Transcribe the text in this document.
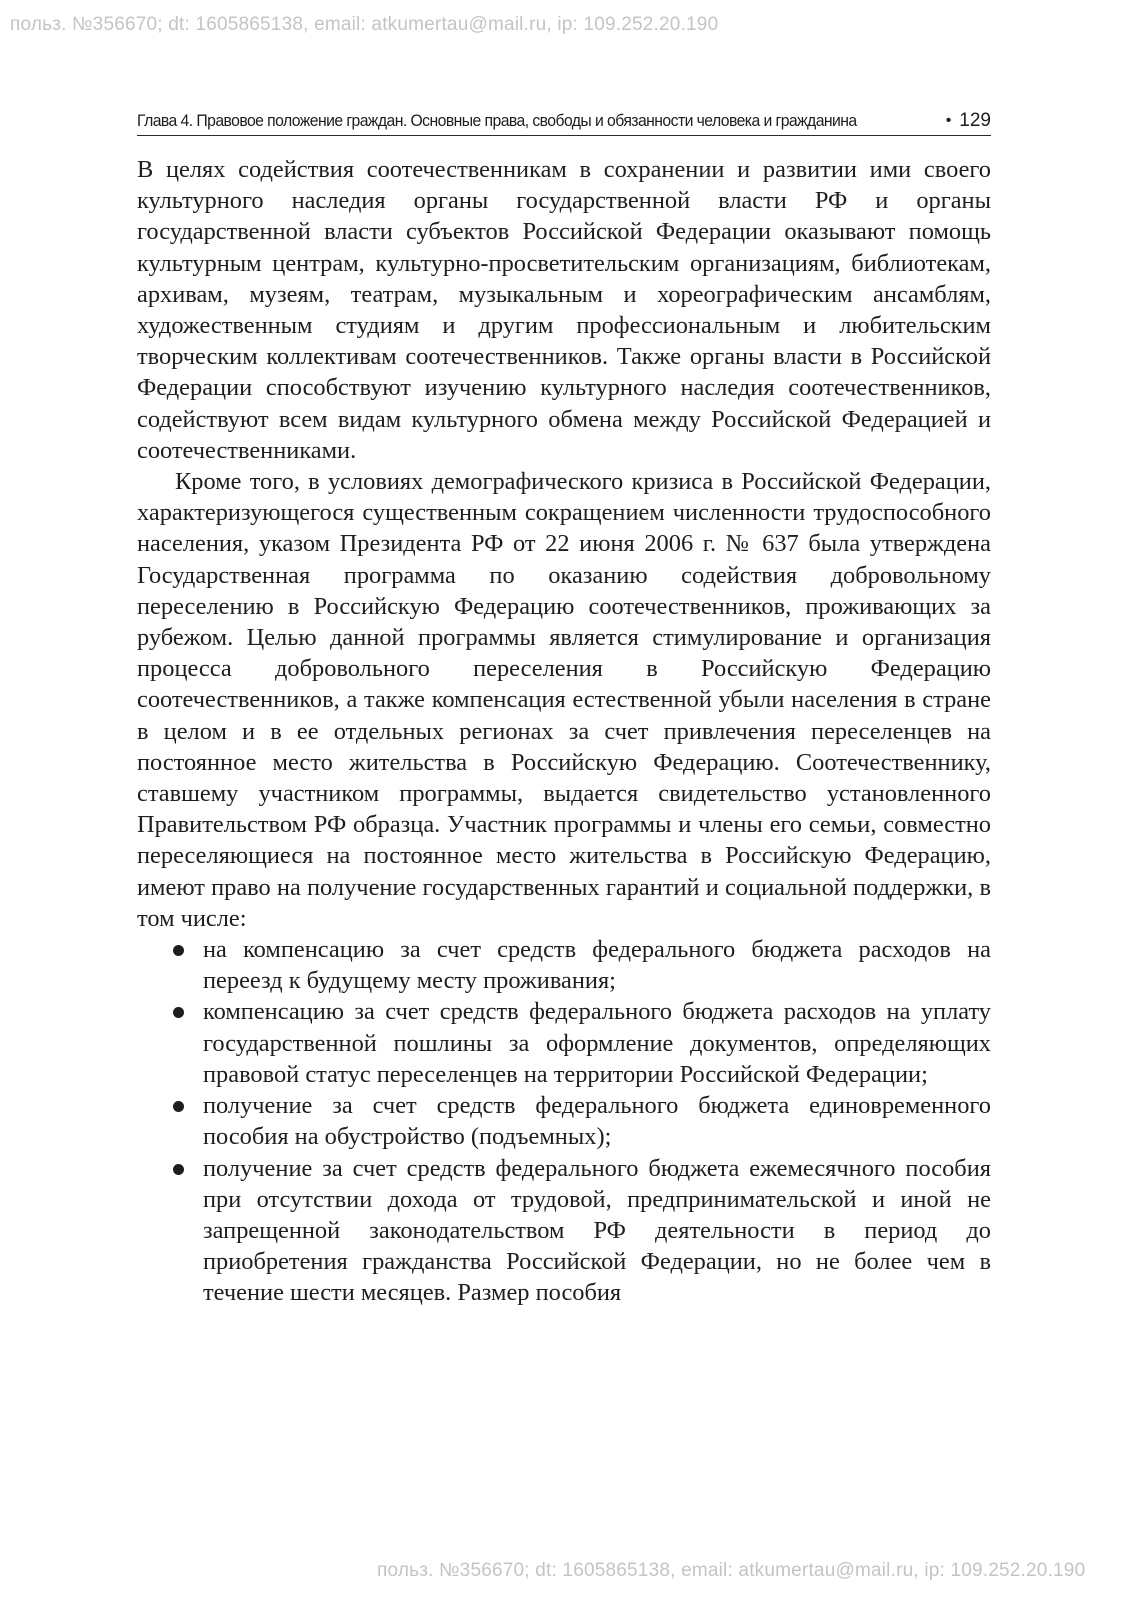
польз. №356670; dt: 1605865138, email: atkumertau@mail.ru, ip: 109.252.20.190
Глава 4. Правовое положение граждан. Основные права, свободы и обязанности человека и гражданина	• 129

В целях содействия соотечественникам в сохранении и развитии ими своего культурного наследия органы государственной власти РФ и органы государственной власти субъектов Российской Федерации оказывают помощь культурным центрам, культурно-просветительским организациям, библиотекам, архивам, музеям, театрам, музыкальным и хореографическим ансамблям, художественным студиям и другим профессиональным и любительским творческим коллективам соотечественников. Также органы власти в Российской Федерации способствуют изучению культурного наследия соотечественников, содействуют всем видам культурного обмена между Российской Федерацией и соотечественниками.

Кроме того, в условиях демографического кризиса в Российской Федерации, характеризующегося существенным сокращением численности трудоспособного населения, указом Президента РФ от 22 июня 2006 г. № 637 была утверждена Государственная программа по оказанию содействия добровольному переселению в Российскую Федерацию соотечественников, проживающих за рубежом. Целью данной программы является стимулирование и организация процесса добровольного переселения в Российскую Федерацию соотечественников, а также компенсация естественной убыли населения в стране в целом и в ее отдельных регионах за счет привлечения переселенцев на постоянное место жительства в Российскую Федерацию. Соотечественнику, ставшему участником программы, выдается свидетельство установленного Правительством РФ образца. Участник программы и члены его семьи, совместно переселяющиеся на постоянное место жительства в Российскую Федерацию, имеют право на получение государственных гарантий и социальной поддержки, в том числе:

на компенсацию за счет средств федерального бюджета расходов на переезд к будущему месту проживания;
компенсацию за счет средств федерального бюджета расходов на уплату государственной пошлины за оформление документов, определяющих правовой статус переселенцев на территории Российской Федерации;
получение за счет средств федерального бюджета единовременного пособия на обустройство (подъемных);
получение за счет средств федерального бюджета ежемесячного пособия при отсутствии дохода от трудовой, предпринимательской и иной не запрещенной законодательством РФ деятельности в период до приобретения гражданства Российской Федерации, но не более чем в течение шести месяцев. Размер пособия
польз. №356670; dt: 1605865138, email: atkumertau@mail.ru, ip: 109.252.20.190
